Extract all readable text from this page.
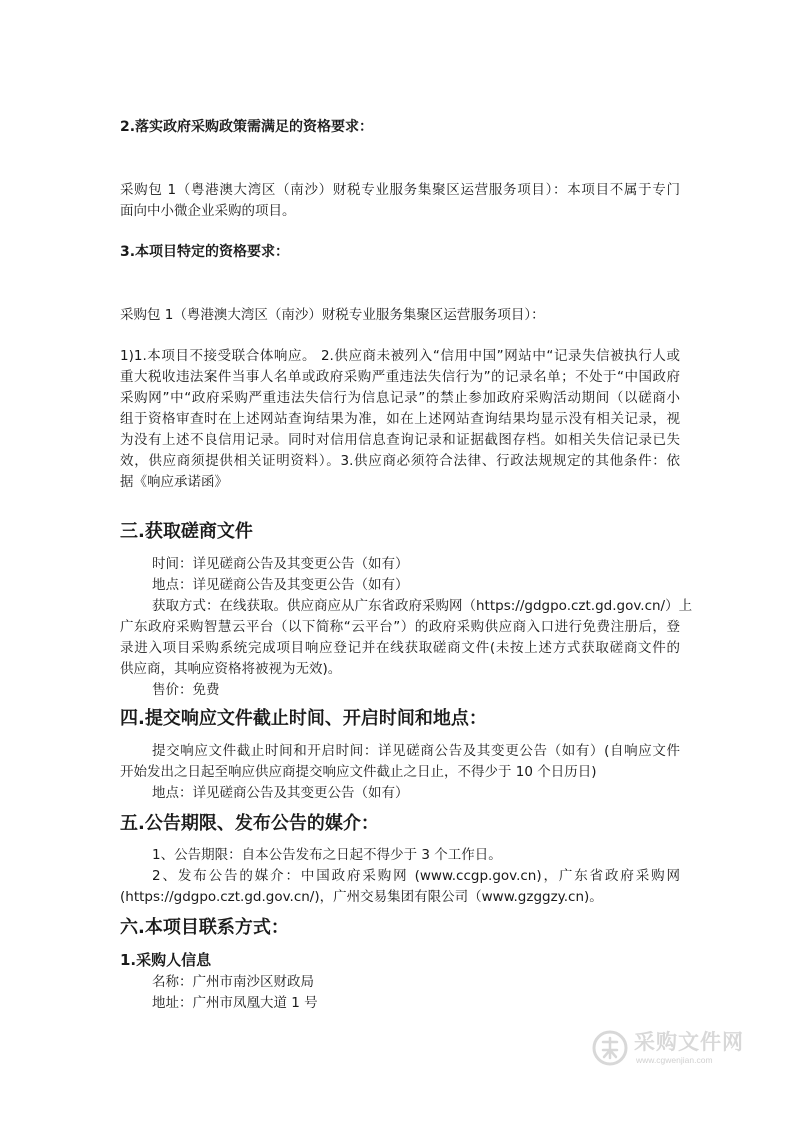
2.落实政府采购政策需满足的资格要求：
采购包 1（粤港澳大湾区（南沙）财税专业服务集聚区运营服务项目）：本项目不属于专门
面向中小微企业采购的项目。
3.本项目特定的资格要求：
采购包 1（粤港澳大湾区（南沙）财税专业服务集聚区运营服务项目）：
1)1.本项目不接受联合体响应。 2.供应商未被列入“信用中国”网站中“记录失信被执行人或
重大税收违法案件当事人名单或政府采购严重违法失信行为”的记录名单；不处于“中国政府
采购网”中“政府采购严重违法失信行为信息记录”的禁止参加政府采购活动期间（以磋商小
组于资格审查时在上述网站查询结果为准，如在上述网站查询结果均显示没有相关记录，视
为没有上述不良信用记录。同时对信用信息查询记录和证据截图存档。如相关失信记录已失
效，供应商须提供相关证明资料）。3.供应商必须符合法律、行政法规规定的其他条件：依
据《响应承诺函》
三.获取磋商文件
时间：详见磋商公告及其变更公告（如有）
地点：详见磋商公告及其变更公告（如有）
获取方式：在线获取。供应商应从广东省政府采购网（https://gdgpo.czt.gd.gov.cn/）上
广东政府采购智慧云平台（以下简称“云平台”）的政府采购供应商入口进行免费注册后，登
录进入项目采购系统完成项目响应登记并在线获取磋商文件(未按上述方式获取磋商文件的
供应商，其响应资格将被视为无效)。
售价：免费
四.提交响应文件截止时间、开启时间和地点：
提交响应文件截止时间和开启时间：详见磋商公告及其变更公告（如有）(自响应文件
开始发出之日起至响应供应商提交响应文件截止之日止，不得少于 10 个日历日)
地点：详见磋商公告及其变更公告（如有）
五.公告期限、发布公告的媒介：
1、公告期限：自本公告发布之日起不得少于 3 个工作日。
2、发布公告的媒介：中国政府采购网 (www.ccgp.gov.cn)，广东省政府采购网
(https://gdgpo.czt.gd.gov.cn/)，广州交易集团有限公司（www.gzggzy.cn)。
六.本项目联系方式：
1.采购人信息
名称：广州市南沙区财政局
地址：广州市凤凰大道 1 号
采购文件网
www.cgwenjian.com
